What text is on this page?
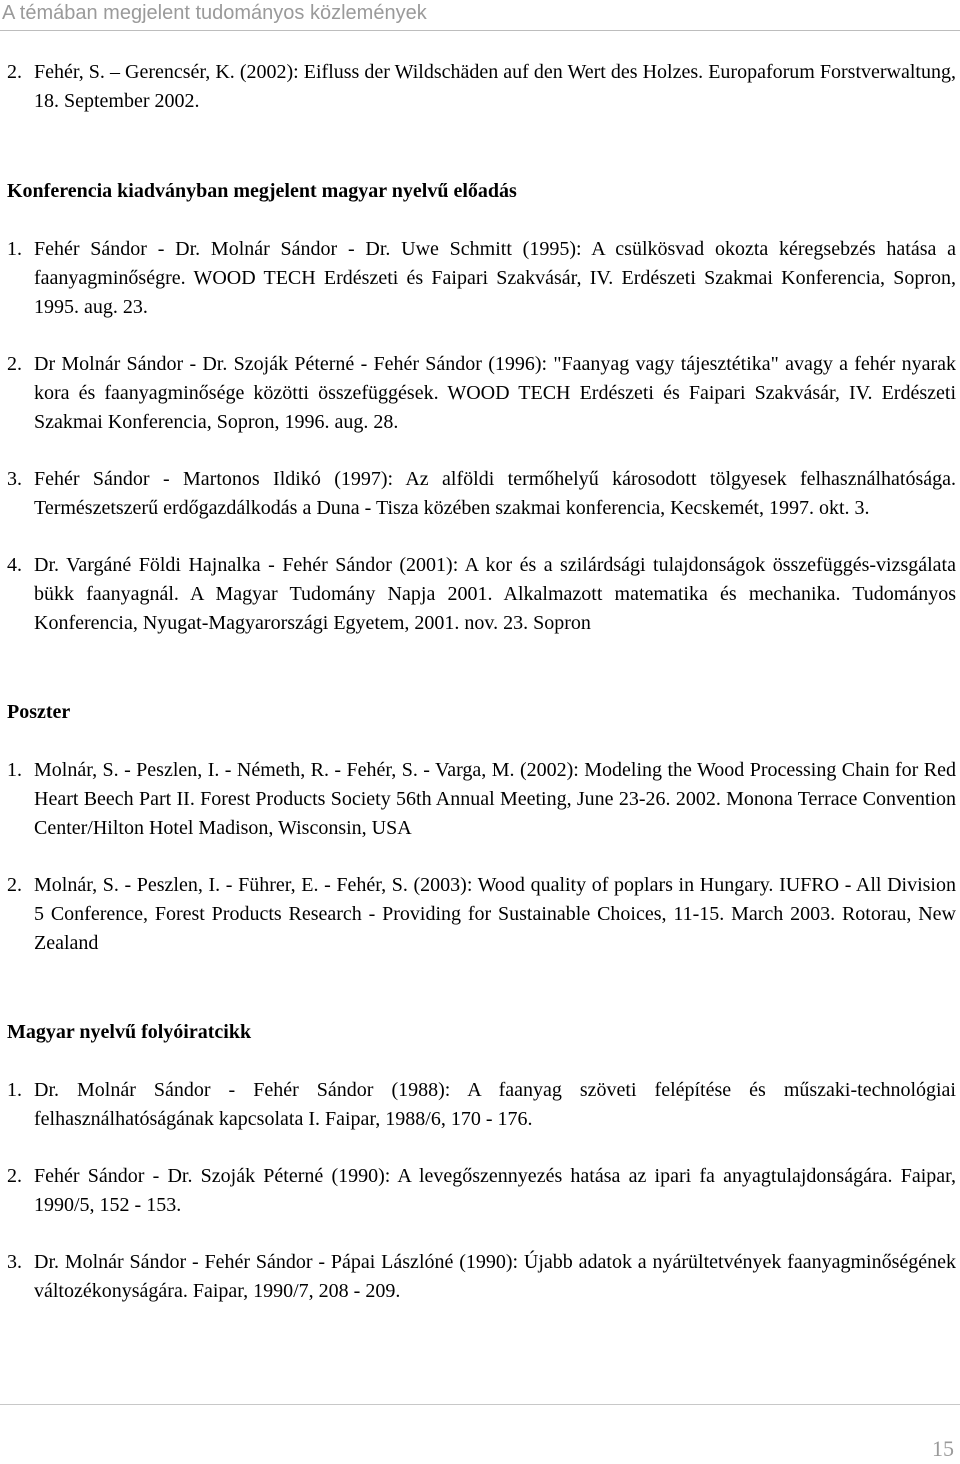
A témában megjelent tudományos közlemények
2. Fehér, S. – Gerencsér, K. (2002): Eifluss der Wildschäden auf den Wert des Holzes. Europaforum Forstverwaltung, 18. September 2002.
Konferencia kiadványban megjelent magyar nyelvű előadás
1. Fehér Sándor - Dr. Molnár Sándor - Dr. Uwe Schmitt (1995): A csülkösvad okozta kéregsebzés hatása a faanyagminőségre. WOOD TECH Erdészeti és Faipari Szakvásár, IV. Erdészeti Szakmai Konferencia, Sopron, 1995. aug. 23.
2. Dr Molnár Sándor - Dr. Szoják Péterné - Fehér Sándor (1996): "Faanyag vagy tájesztétika" avagy a fehér nyarak kora és faanyagminősége közötti összefüggések. WOOD TECH Erdészeti és Faipari Szakvásár, IV. Erdészeti Szakmai Konferencia, Sopron, 1996. aug. 28.
3. Fehér Sándor - Martonos Ildikó (1997): Az alföldi termőhelyű károsodott tölgyesek felhasználhatósága. Természetszerű erdőgazdálkodás a Duna - Tisza közében szakmai konferencia, Kecskemét, 1997. okt. 3.
4. Dr. Vargáné Földi Hajnalka - Fehér Sándor (2001): A kor és a szilárdsági tulajdonságok összefüggés-vizsgálata bükk faanyagnál. A Magyar Tudomány Napja 2001. Alkalmazott matematika és mechanika. Tudományos Konferencia, Nyugat-Magyarországi Egyetem, 2001. nov. 23. Sopron
Poszter
1. Molnár, S. - Peszlen, I. - Németh, R. - Fehér, S. - Varga, M. (2002): Modeling the Wood Processing Chain for Red Heart Beech Part II. Forest Products Society 56th Annual Meeting, June 23-26. 2002. Monona Terrace Convention Center/Hilton Hotel Madison, Wisconsin, USA
2. Molnár, S. - Peszlen, I. - Führer, E. - Fehér, S. (2003): Wood quality of poplars in Hungary. IUFRO - All Division 5 Conference, Forest Products Research - Providing for Sustainable Choices, 11-15. March 2003. Rotorau, New Zealand
Magyar nyelvű folyóiratcikk
1. Dr. Molnár Sándor - Fehér Sándor (1988): A faanyag szöveti felépítése és műszaki-technológiai felhasználhatóságának kapcsolata I. Faipar, 1988/6, 170 - 176.
2. Fehér Sándor - Dr. Szoják Péterné (1990): A levegőszennyezés hatása az ipari fa anyagtulajdonságára. Faipar, 1990/5, 152 - 153.
3. Dr. Molnár Sándor - Fehér Sándor - Pápai Lászlóné (1990): Újabb adatok a nyárültetvények faanyagminőségének változékonyságára. Faipar, 1990/7, 208 - 209.
15
